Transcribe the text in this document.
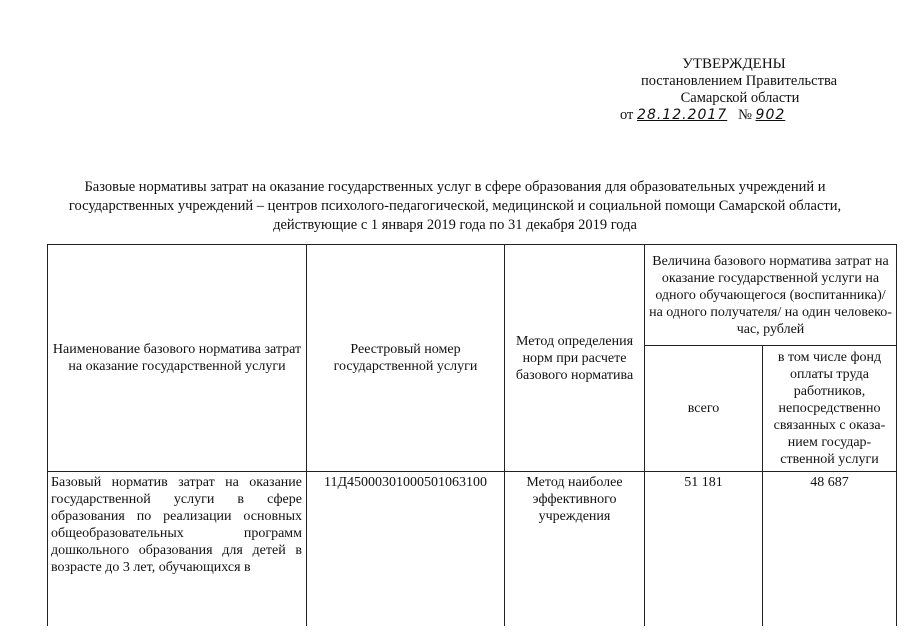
УТВЕРЖДЕНЫ
постановлением Правительства
Самарской области
от 28.12.2017 № 902
Базовые нормативы затрат на оказание государственных услуг в сфере образования для образовательных учреждений и государственных учреждений – центров психолого-педагогической, медицинской и социальной помощи Самарской области, действующие с 1 января 2019 года по 31 декабря 2019 года
Наименование базового норматива затрат на оказание государственной услуги	Реестровый номер государственной услуги	Метод определения норм при расчете базового норматива	Величина базового норматива затрат на оказание государственной услуги на одного обучающегося (воспитанника)/ на одного получателя/ на один человеко-час, рублей	
			всего	в том числе фонд оплаты труда работников, непосредственно связанных с оказа-нием государ-ственной услуги
Базовый норматив затрат на оказание государственной услуги в сфере образования по реализации основных общеобразовательных программ дошкольного образования для детей в возрасте до 3 лет, обучающихся в	11Д45000301000501063100	Метод наиболее эффективного учреждения	51 181	48 687
